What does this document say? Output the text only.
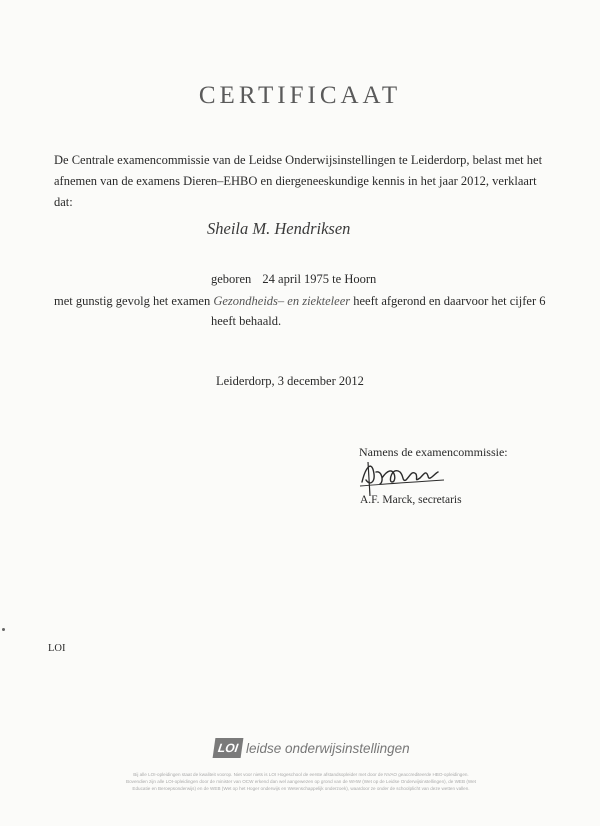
CERTIFICAAT
De Centrale examencommissie van de Leidse Onderwijsinstellingen te Leiderdorp, belast met het
afnemen van de examens Dieren–EHBO en diergeneeskundige kennis in het jaar 2012, verklaart dat:
Sheila M. Hendriksen
geboren 24 april 1975 te Hoorn
met gunstig gevolg het examen Gezondheids– en ziekteleer heeft afgerond en daarvoor het cijfer 6
heeft behaald.
Leiderdorp, 3 december 2012
Namens de examencommissie:
A.F. Marck, secretaris
LOI
LOI leidse onderwijsinstellingen

Bij alle LOI-opleidingen staat de kwaliteit voorop. Niet voor niets is LOI Hogeschool de eerste afstandsopleider met door de NVAO geaccrediteerde HBO-opleidingen.

Bovendien zijn alle LOI-opleidingen door de minister van OCW erkend dan wel aangewezen op grond van de WHW (Wet op de Leidse Onderwijsinstellingen), de WEB (Wet

Educatie en Beroepsonderwijs) en de WEB (Wet op het Hoger onderwijs en Wetenschappelijk onderzoek), waardoor ze onder de schoolplicht van deze wetten vallen.
